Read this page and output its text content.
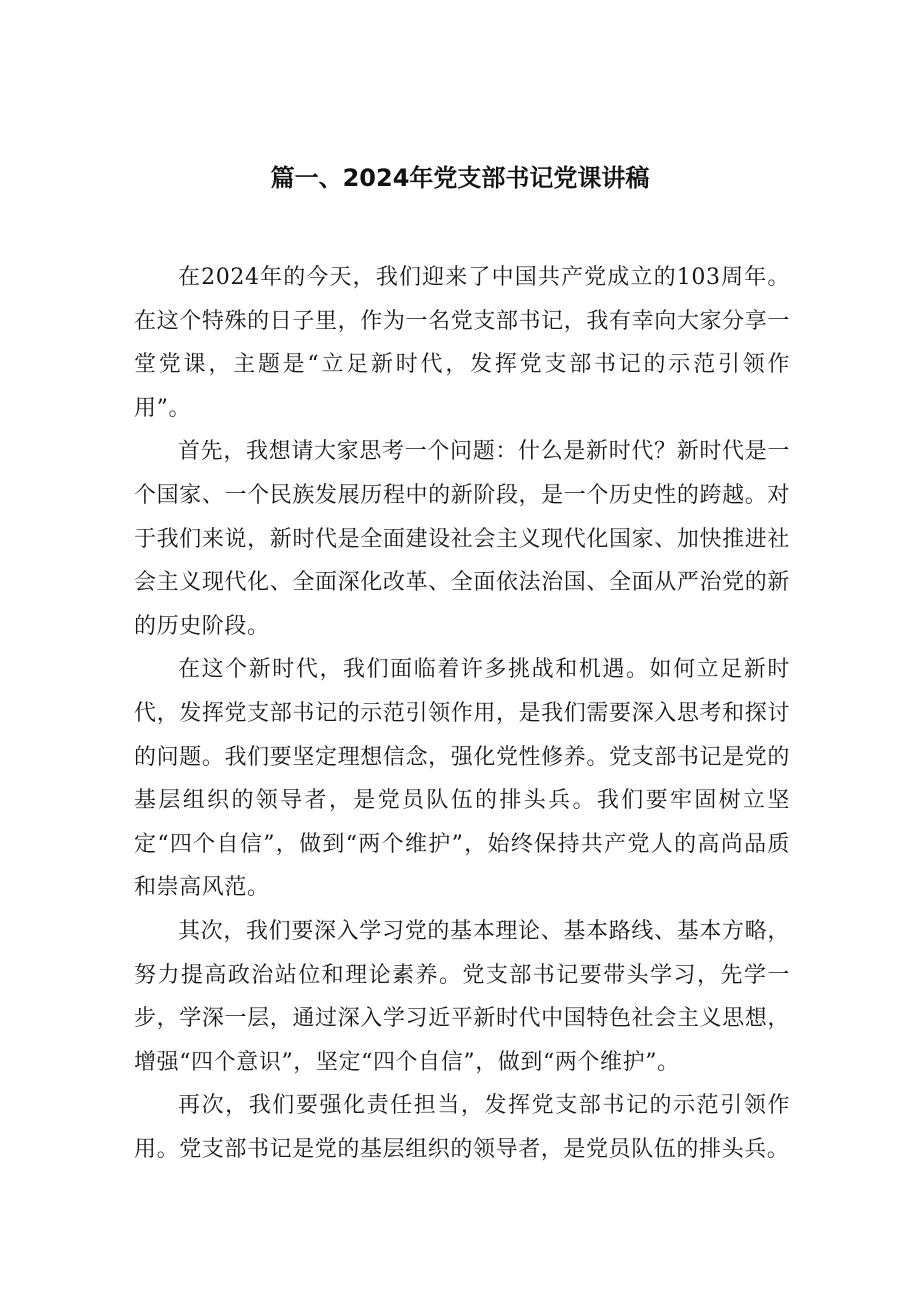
篇一、2024年党支部书记党课讲稿

在2024年的今天，我们迎来了中国共产党成立的103周年。在这个特殊的日子里，作为一名党支部书记，我有幸向大家分享一堂党课，主题是“立足新时代，发挥党支部书记的示范引领作用”。

首先，我想请大家思考一个问题：什么是新时代？新时代是一个国家、一个民族发展历程中的新阶段，是一个历史性的跨越。对于我们来说，新时代是全面建设社会主义现代化国家、加快推进社会主义现代化、全面深化改革、全面依法治国、全面从严治党的新的历史阶段。

在这个新时代，我们面临着许多挑战和机遇。如何立足新时代，发挥党支部书记的示范引领作用，是我们需要深入思考和探讨的问题。我们要坚定理想信念，强化党性修养。党支部书记是党的基层组织的领导者，是党员队伍的排头兵。我们要牢固树立坚定“四个自信”，做到“两个维护”，始终保持共产党人的高尚品质和崇高风范。

其次，我们要深入学习党的基本理论、基本路线、基本方略，努力提高政治站位和理论素养。党支部书记要带头学习，先学一步，学深一层，通过深入学习近平新时代中国特色社会主义思想，增强“四个意识”，坚定“四个自信”，做到“两个维护”。

再次，我们要强化责任担当，发挥党支部书记的示范引领作用。党支部书记是党的基层组织的领导者，是党员队伍的排头兵。
